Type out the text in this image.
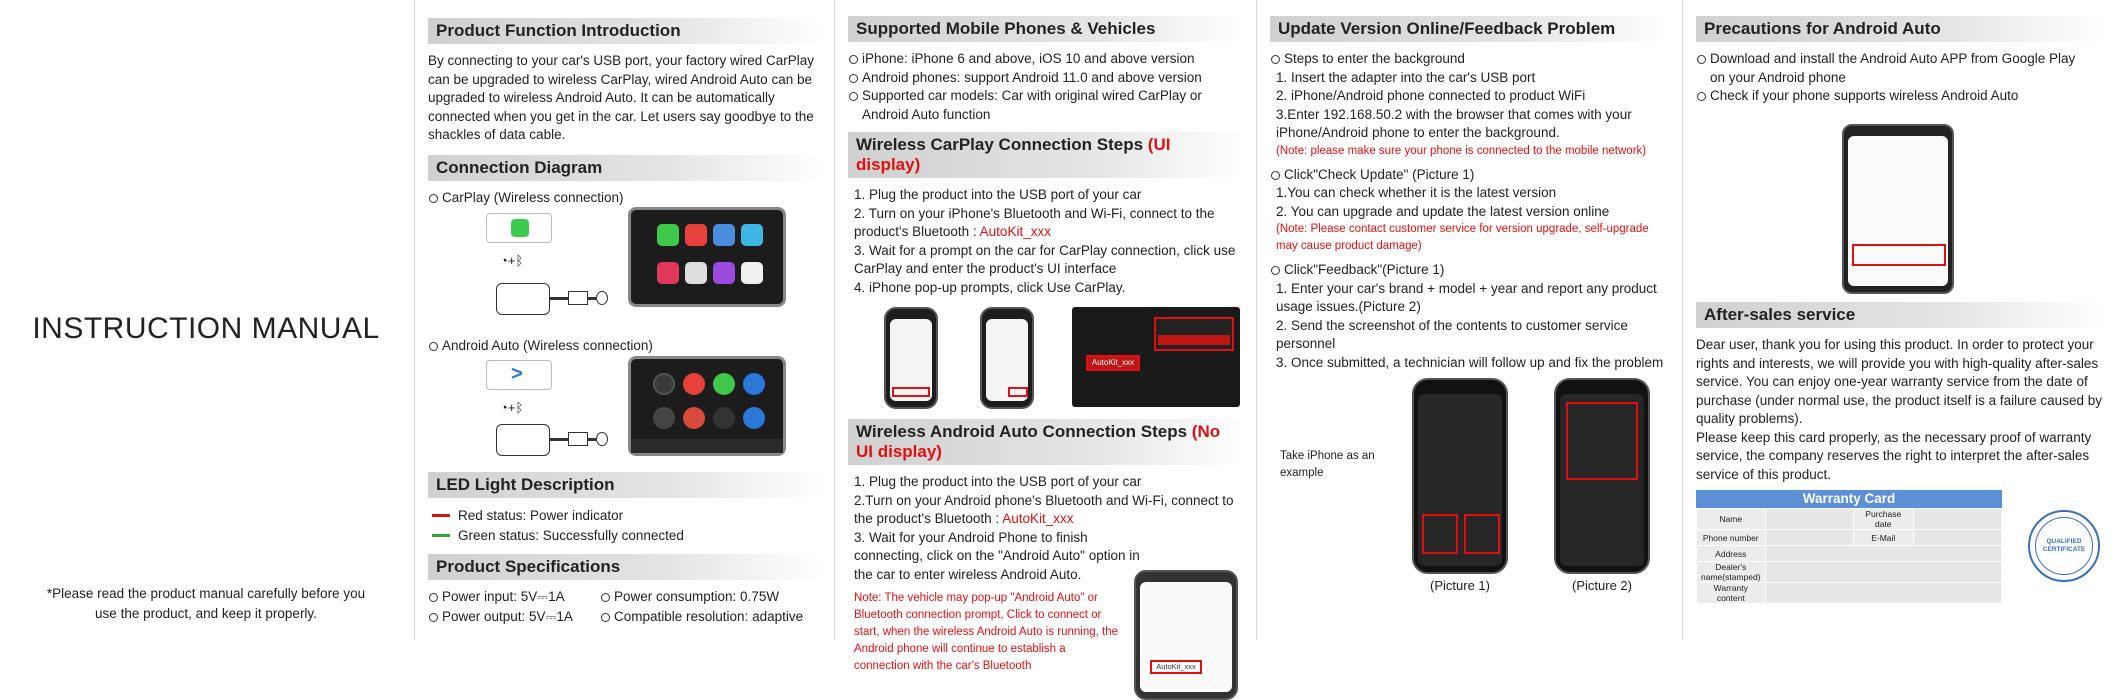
INSTRUCTION MANUAL
*Please read the product manual carefully before you
use the product, and keep it properly.
Product Function Introduction

By connecting to your car's USB port, your factory wired CarPlay can be upgraded to wireless CarPlay, wired Android Auto can be upgraded to wireless Android Auto. It can be automatically connected when you get in the car. Let users say goodbye to the shackles of data cable.

Connection Diagram
CarPlay (Wireless connection)
◔+ᛒ
Android Auto (Wireless connection)
>
◔+ᛒ
LED Light Description
Red status: Power indicator
Green status: Successfully connected
Product Specifications
Power input: 5V⎓1A	Power consumption: 0.75W
Power output: 5V⎓1A	Compatible resolution: adaptive
Supported Mobile Phones & Vehicles
iPhone: iPhone 6 and above, iOS 10 and above version
Android phones: support Android 11.0 and above version
Supported car models: Car with original wired CarPlay or Android Auto function
Wireless CarPlay Connection Steps (UI display)
1. Plug the product into the USB port of your car
2. Turn on your iPhone's Bluetooth and Wi-Fi, connect to the product's Bluetooth : AutoKit_xxx
3. Wait for a prompt on the car for CarPlay connection, click use CarPlay and enter the product's UI interface
4. iPhone pop-up prompts, click Use CarPlay.
AutoKit_xxx
Wireless Android Auto Connection Steps (No UI display)
1. Plug the product into the USB port of your car
2.Turn on your Android phone's Bluetooth and Wi-Fi, connect to the product's Bluetooth : AutoKit_xxx
3. Wait for your Android Phone to finish connecting, click on the "Android Auto" option in the car to enter wireless Android Auto.
Note: The vehicle may pop-up "Android Auto" or Bluetooth connection prompt, Click to connect or start, when the wireless Android Auto is running, the Android phone will continue to establish a connection with the car's Bluetooth	AutoKit_xxx
Update Version Online/Feedback Problem
Steps to enter the background
1. Insert the adapter into the car's USB port
2. iPhone/Android phone connected to product WiFi
3.Enter 192.168.50.2 with the browser that comes with your iPhone/Android phone to enter the background.
(Note: please make sure your phone is connected to the mobile network)
Click"Check Update" (Picture 1)
1.You can check whether it is the latest version
2. You can upgrade and update the latest version online
(Note: Please contact customer service for version upgrade, self-upgrade may cause product damage)
Click"Feedback"(Picture 1)
1. Enter your car's brand + model + year and report any product usage issues.(Picture 2)
2. Send the screenshot of the contents to customer service personnel
3. Once submitted, a technician will follow up and fix the problem
Take iPhone as an example
(Picture 1)	(Picture 2)
Precautions for Android Auto
Download and install the Android Auto APP from Google Play on your Android phone
Check if your phone supports wireless Android Auto
After-sales service

Dear user, thank you for using this product. In order to protect your rights and interests, we will provide you with high-quality after-sales service. You can enjoy one-year warranty service from the date of purchase (under normal use, the product itself is a failure caused by quality problems).

Please keep this card properly, as the necessary proof of warranty service, the company reserves the right to interpret the after-sales service of this product.

Warranty Card
Name		Purchase date	
Phone number		E-Mail	
Address			
Dealer's name(stamped)			
Warranty content			
QUALIFIED CERTIFICATE
